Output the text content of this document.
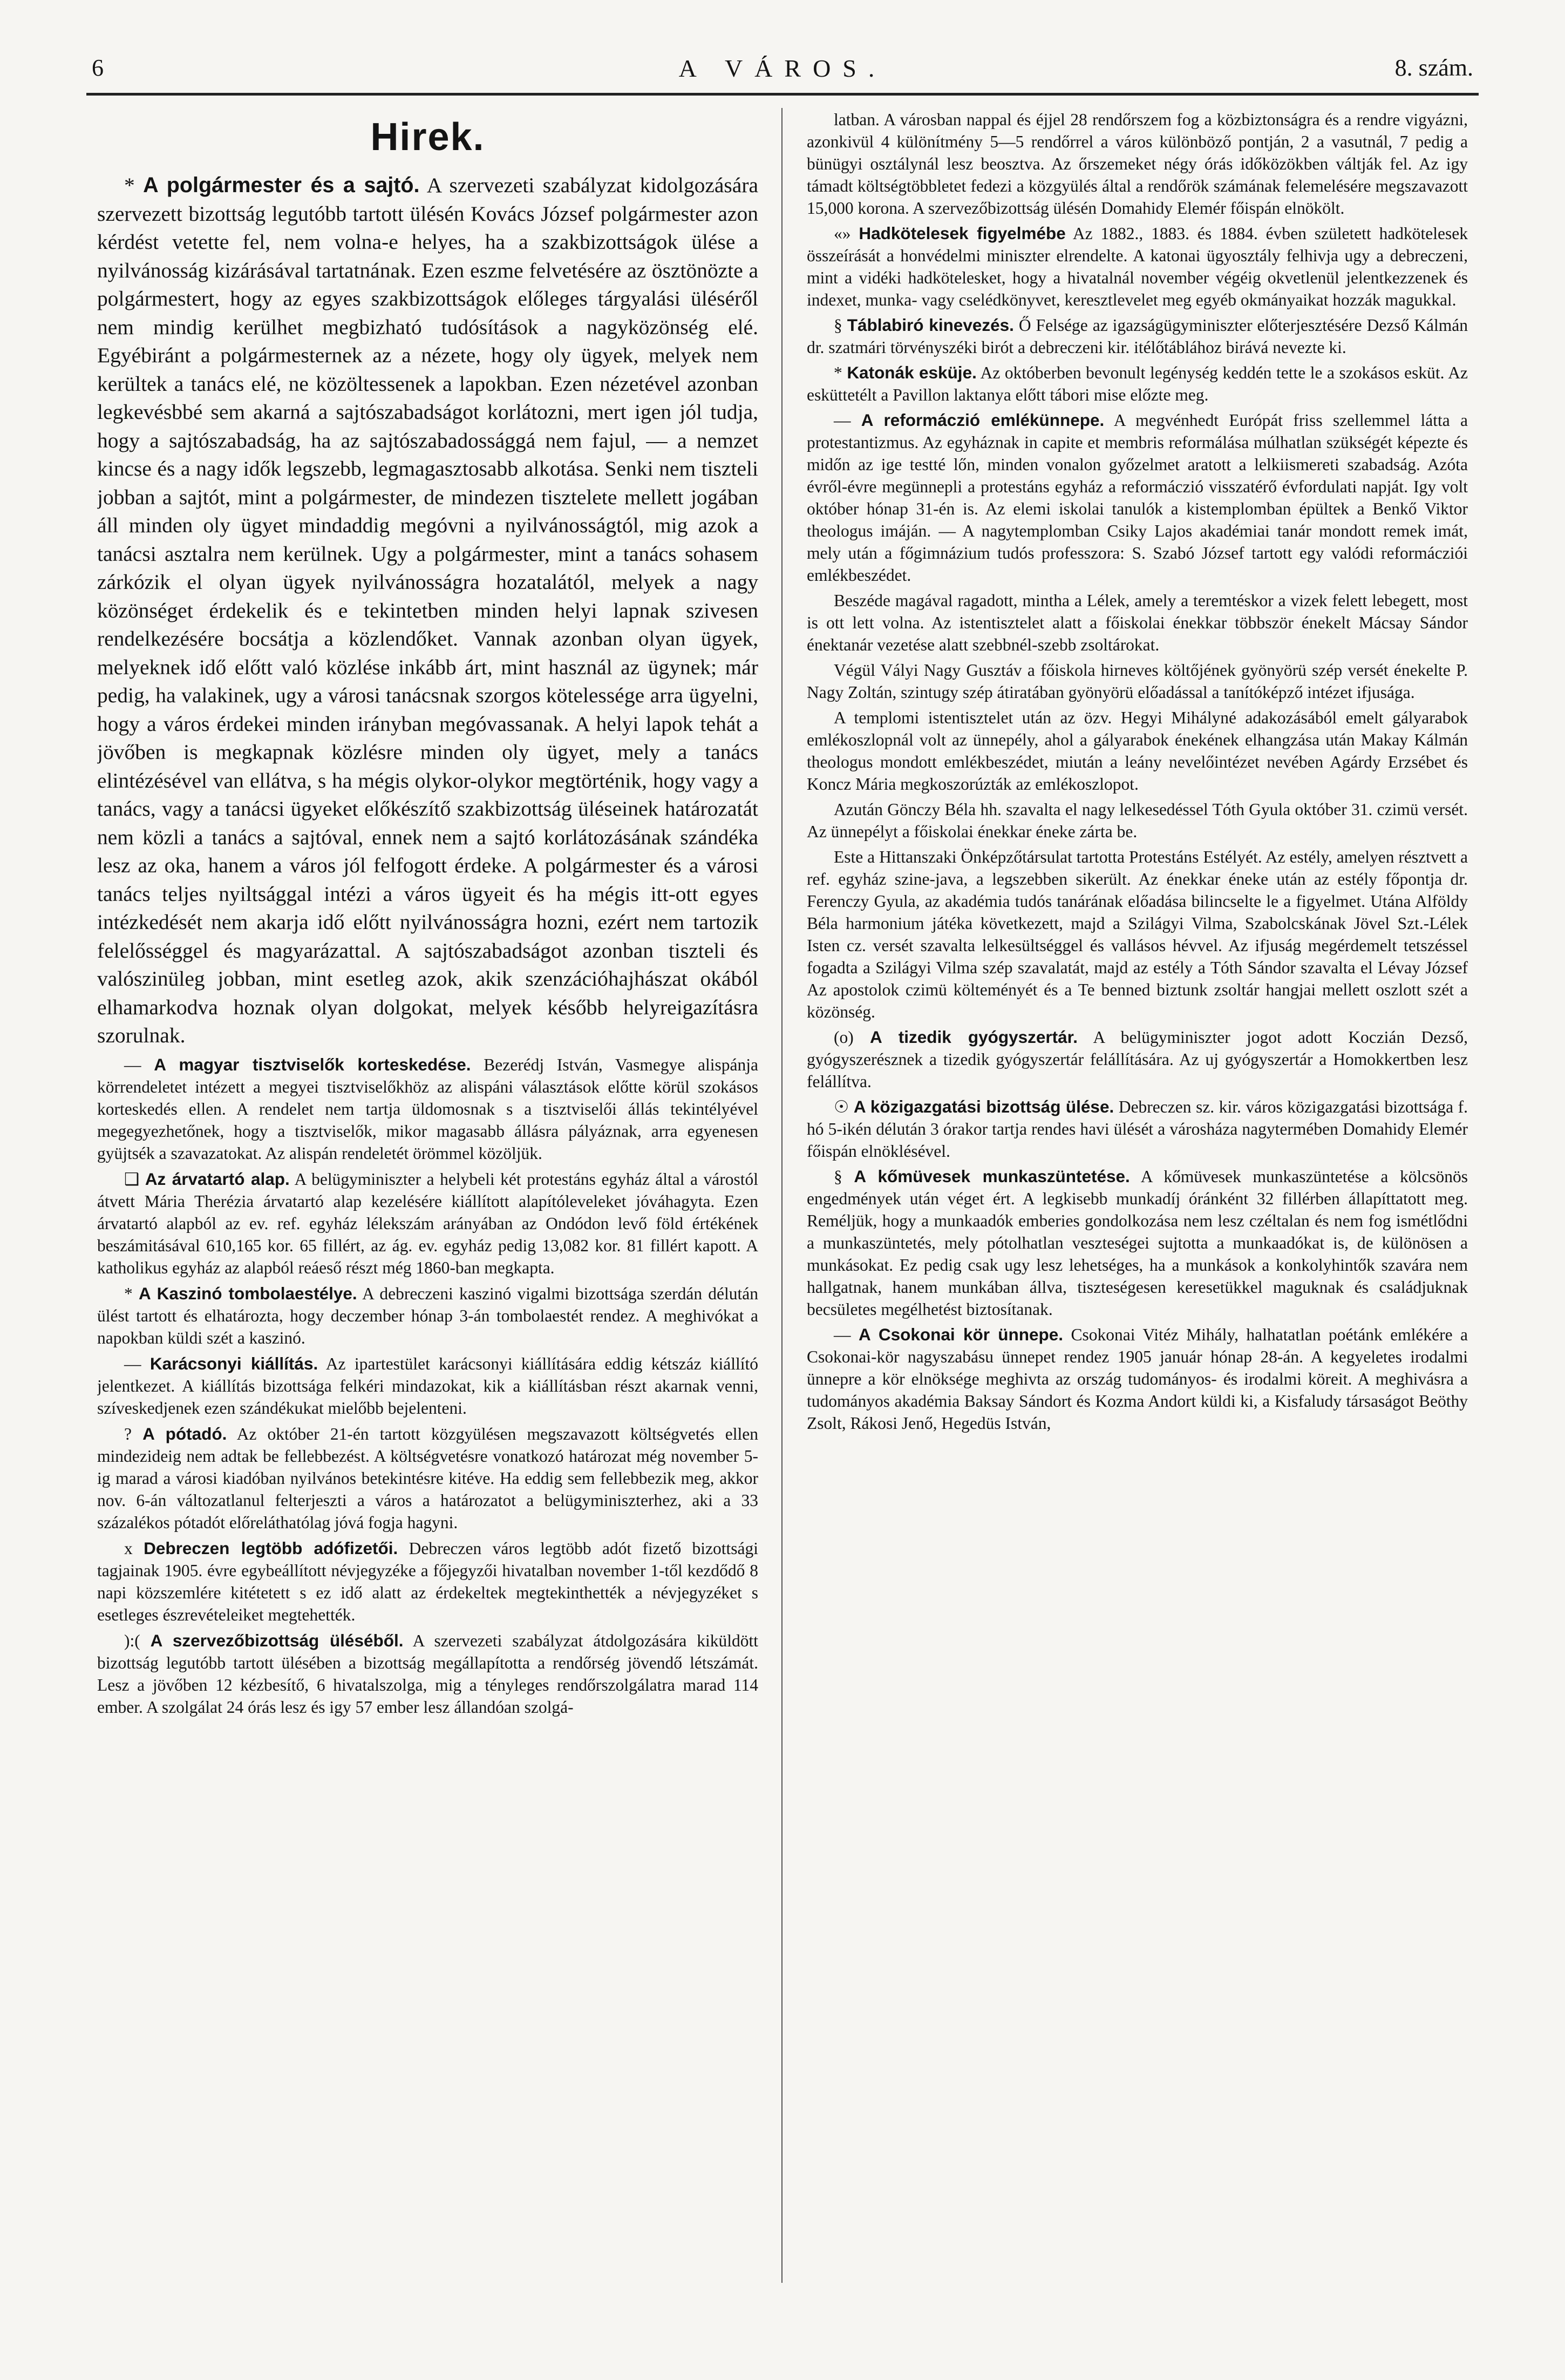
6	A VÁROS.	8. szám.
Hirek.

* A polgármester és a sajtó. A szervezeti szabályzat kidolgozására szervezett bizottság legutóbb tartott ülésén Kovács József polgármester azon kérdést vetette fel, nem volna-e helyes, ha a szakbizottságok ülése a nyilvánosság kizárásával tartatnának. Ezen eszme felvetésére az ösztönözte a polgármestert, hogy az egyes szakbizottságok előleges tárgyalási üléséről nem mindig kerülhet megbizható tudósítások a nagyközönség elé. Egyébiránt a polgármesternek az a nézete, hogy oly ügyek, melyek nem kerültek a tanács elé, ne közöltessenek a lapokban. Ezen nézetével azonban legkevésbbé sem akarná a sajtószabadságot korlátozni, mert igen jól tudja, hogy a sajtószabadság, ha az sajtószabadossággá nem fajul, — a nemzet kincse és a nagy idők legszebb, legmagasztosabb alkotása. Senki nem tiszteli jobban a sajtót, mint a polgármester, de mindezen tisztelete mellett jogában áll minden oly ügyet mindaddig megóvni a nyilvánosságtól, mig azok a tanácsi asztalra nem kerülnek. Ugy a polgármester, mint a tanács sohasem zárkózik el olyan ügyek nyilvánosságra hozatalától, melyek a nagy közönséget érdekelik és e tekintetben minden helyi lapnak szivesen rendelkezésére bocsátja a közlendőket. Vannak azonban olyan ügyek, melyeknek idő előtt való közlése inkább árt, mint használ az ügynek; már pedig, ha valakinek, ugy a városi tanácsnak szorgos kötelessége arra ügyelni, hogy a város érdekei minden irányban megóvassanak. A helyi lapok tehát a jövőben is megkapnak közlésre minden oly ügyet, mely a tanács elintézésével van ellátva, s ha mégis olykor-olykor megtörténik, hogy vagy a tanács, vagy a tanácsi ügyeket előkészítő szakbizottság üléseinek határozatát nem közli a tanács a sajtóval, ennek nem a sajtó korlátozásának szándéka lesz az oka, hanem a város jól felfogott érdeke. A polgármester és a városi tanács teljes nyiltsággal intézi a város ügyeit és ha mégis itt-ott egyes intézkedését nem akarja idő előtt nyilvánosságra hozni, ezért nem tartozik felelősséggel és magyarázattal. A sajtószabadságot azonban tiszteli és valószinüleg jobban, mint esetleg azok, akik szenzációhajhászat okából elhamarkodva hoznak olyan dolgokat, melyek később helyreigazításra szorulnak.

— A magyar tisztviselők korteskedése. Bezerédj István, Vasmegye alispánja körrendeletet intézett a megyei tisztviselőkhöz az alispáni választások előtte körül szokásos korteskedés ellen. A rendelet nem tartja üldomosnak s a tisztviselői állás tekintélyével megegyezhetőnek, hogy a tisztviselők, mikor magasabb állásra pályáznak, arra egyenesen gyüjtsék a szavazatokat. Az alispán rendeletét örömmel közöljük.

❑ Az árvatartó alap. A belügyminiszter a helybeli két protestáns egyház által a várostól átvett Mária Therézia árvatartó alap kezelésére kiállított alapítóleveleket jóváhagyta. Ezen árvatartó alapból az ev. ref. egyház lélekszám arányában az Ondódon levő föld értékének beszámitásával 610,165 kor. 65 fillért, az ág. ev. egyház pedig 13,082 kor. 81 fillért kapott. A katholikus egyház az alapból reáeső részt még 1860-ban megkapta.

* A Kaszinó tombolaestélye. A debreczeni kaszinó vigalmi bizottsága szerdán délután ülést tartott és elhatározta, hogy deczember hónap 3-án tombolaestét rendez. A meghivókat a napokban küldi szét a kaszinó.

— Karácsonyi kiállítás. Az ipartestület karácsonyi kiállítására eddig kétszáz kiállító jelentkezet. A kiállítás bizottsága felkéri mindazokat, kik a kiállításban részt akarnak venni, szíveskedjenek ezen szándékukat mielőbb bejelenteni.

? A pótadó. Az október 21-én tartott közgyülésen megszavazott költségvetés ellen mindezideig nem adtak be fellebbezést. A költségvetésre vonatkozó határozat még november 5-ig marad a városi kiadóban nyilvános betekintésre kitéve. Ha eddig sem fellebbezik meg, akkor nov. 6-án változatlanul felterjeszti a város a határozatot a belügyminiszterhez, aki a 33 százalékos pótadót előreláthatólag jóvá fogja hagyni.

x Debreczen legtöbb adófizetői. Debreczen város legtöbb adót fizető bizottsági tagjainak 1905. évre egybeállított névjegyzéke a főjegyzői hivatalban november 1-től kezdődő 8 napi közszemlére kitétetett s ez idő alatt az érdekeltek megtekinthették a névjegyzéket s esetleges észrevételeiket megtehették.

):( A szervezőbizottság üléséből. A szervezeti szabályzat átdolgozására kiküldött bizottság legutóbb tartott ülésében a bizottság megállapította a rendőrség jövendő létszámát. Lesz a jövőben 12 kézbesítő, 6 hivatalszolga, mig a tényleges rendőrszolgálatra marad 114 ember. A szolgálat 24 órás lesz és igy 57 ember lesz állandóan szolgá-

latban. A városban nappal és éjjel 28 rendőrszem fog a közbiztonságra és a rendre vigyázni, azonkivül 4 különítmény 5—5 rendőrrel a város különböző pontján, 2 a vasutnál, 7 pedig a bünügyi osztálynál lesz beosztva. Az őrszemeket négy órás időközökben váltják fel. Az igy támadt költségtöbbletet fedezi a közgyülés által a rendőrök számának felemelésére megszavazott 15,000 korona. A szervezőbizottság ülésén Domahidy Elemér főispán elnökölt.

«» Hadkötelesek figyelmébe Az 1882., 1883. és 1884. évben született hadkötelesek összeírását a honvédelmi miniszter elrendelte. A katonai ügyosztály felhivja ugy a debreczeni, mint a vidéki hadkötelesket, hogy a hivatalnál november végéig okvetlenül jelentkezzenek és indexet, munka- vagy cselédkönyvet, keresztlevelet meg egyéb okmányaikat hozzák magukkal.

§ Táblabiró kinevezés. Ő Felsége az igazságügyminiszter előterjesztésére Dezső Kálmán dr. szatmári törvényszéki birót a debreczeni kir. itélőtáblához birává nevezte ki.

* Katonák esküje. Az októberben bevonult legénység keddén tette le a szokásos esküt. Az esküttetélt a Pavillon laktanya előtt tábori mise előzte meg.

— A reformáczió emlékünnepe. A megvénhedt Európát friss szellemmel látta a protestantizmus. Az egyháznak in capite et membris reformálása múlhatlan szükségét képezte és midőn az ige testté lőn, minden vonalon győzelmet aratott a lelkiismereti szabadság. Azóta évről-évre megünnepli a protestáns egyház a reformáczió visszatérő évfordulati napját. Igy volt október hónap 31-én is. Az elemi iskolai tanulók a kistemplomban épültek a Benkő Viktor theologus imáján. — A nagytemplomban Csiky Lajos akadémiai tanár mondott remek imát, mely után a főgimnázium tudós professzora: S. Szabó József tartott egy valódi reformácziói emlékbeszédet.

Beszéde magával ragadott, mintha a Lélek, amely a teremtéskor a vizek felett lebegett, most is ott lett volna. Az istentisztelet alatt a főiskolai énekkar többször énekelt Mácsay Sándor énektanár vezetése alatt szebbnél-szebb zsoltárokat.

Végül Vályi Nagy Gusztáv a főiskola hirneves költőjének gyönyörü szép versét énekelte P. Nagy Zoltán, szintugy szép átiratában gyönyörü előadással a tanítóképző intézet ifjusága.

A templomi istentisztelet után az özv. Hegyi Mihályné adakozásából emelt gályarabok emlékoszlopnál volt az ünnepély, ahol a gályarabok énekének elhangzása után Makay Kálmán theologus mondott emlékbeszédet, miután a leány nevelőintézet nevében Agárdy Erzsébet és Koncz Mária megkoszorúzták az emlékoszlopot.

Azután Gönczy Béla hh. szavalta el nagy lelkesedéssel Tóth Gyula október 31. czimü versét. Az ünnepélyt a főiskolai énekkar éneke zárta be.

Este a Hittanszaki Önképzőtársulat tartotta Protestáns Estélyét. Az estély, amelyen résztvett a ref. egyház szine-java, a legszebben sikerült. Az énekkar éneke után az estély főpontja dr. Ferenczy Gyula, az akadémia tudós tanárának előadása bilincselte le a figyelmet. Utána Alföldy Béla harmonium játéka következett, majd a Szilágyi Vilma, Szabolcskának Jövel Szt.-Lélek Isten cz. versét szavalta lelkesültséggel és vallásos hévvel. Az ifjuság megérdemelt tetszéssel fogadta a Szilágyi Vilma szép szavalatát, majd az estély a Tóth Sándor szavalta el Lévay József Az apostolok czimü költeményét és a Te benned biztunk zsoltár hangjai mellett oszlott szét a közönség.

(o) A tizedik gyógyszertár. A belügyminiszter jogot adott Koczián Dezső, gyógyszerésznek a tizedik gyógyszertár felállítására. Az uj gyógyszertár a Homokkertben lesz felállítva.

☉ A közigazgatási bizottság ülése. Debreczen sz. kir. város közigazgatási bizottsága f. hó 5-ikén délután 3 órakor tartja rendes havi ülését a városháza nagytermében Domahidy Elemér főispán elnöklésével.

§ A kőmüvesek munkaszüntetése. A kőmüvesek munkaszüntetése a kölcsönös engedmények után véget ért. A legkisebb munkadíj óránként 32 fillérben állapíttatott meg. Reméljük, hogy a munkaadók emberies gondolkozása nem lesz czéltalan és nem fog ismétlődni a munkaszüntetés, mely pótolhatlan veszteségei sujtotta a munkaadókat is, de különösen a munkásokat. Ez pedig csak ugy lesz lehetséges, ha a munkások a konkolyhintők szavára nem hallgatnak, hanem munkában állva, tiszteségesen keresetükkel maguknak és családjuknak becsületes megélhetést biztosítanak.

— A Csokonai kör ünnepe. Csokonai Vitéz Mihály, halhatatlan poétánk emlékére a Csokonai-kör nagyszabásu ünnepet rendez 1905 január hónap 28-án. A kegyeletes irodalmi ünnepre a kör elnöksége meghivta az ország tudományos- és irodalmi köreit. A meghivásra a tudományos akadémia Baksay Sándort és Kozma Andort küldi ki, a Kisfaludy társaságot Beöthy Zsolt, Rákosi Jenő, Hegedüs István,
